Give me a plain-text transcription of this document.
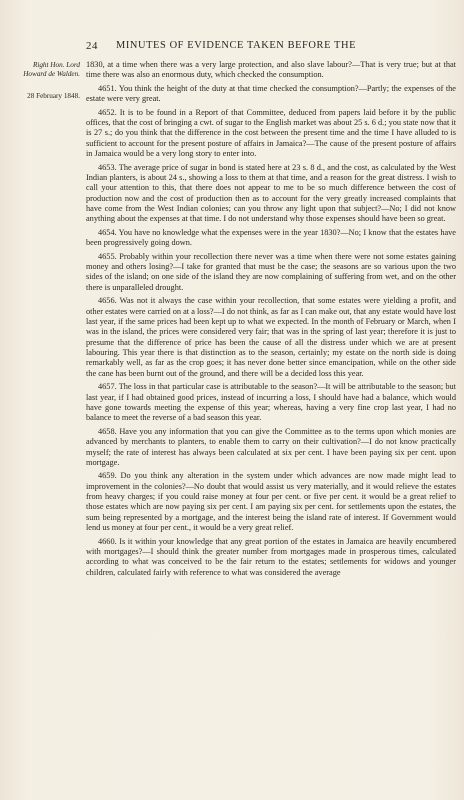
24 MINUTES OF EVIDENCE TAKEN BEFORE THE
Right Hon. Lord
Howard de Walden.
28 February 1848.

1830, at a time when there was a very large protection, and also slave labour?—That is very true; but at that time there was also an enormous duty, which checked the consumption.

4651. You think the height of the duty at that time checked the consumption?—Partly; the expenses of the estate were very great.

4652. It is to be found in a Report of that Committee, deduced from papers laid before it by the public offices, that the cost of bringing a cwt. of sugar to the English market was about 25 s. 6 d.; you state now that it is 27 s.; do you think that the difference in the cost between the present time and the time I have alluded to is sufficient to account for the present posture of affairs in Jamaica?—The cause of the present posture of affairs in Jamaica would be a very long story to enter into.

4653. The average price of sugar in bond is stated here at 23 s. 8 d., and the cost, as calculated by the West Indian planters, is about 24 s., showing a loss to them at that time, and a reason for the great distress. I wish to call your attention to this, that there does not appear to me to be so much difference between the cost of production now and the cost of production then as to account for the very greatly increased complaints that have come from the West Indian colonies; can you throw any light upon that subject?—No; I did not know anything about the expenses at that time. I do not understand why those expenses should have been so great.

4654. You have no knowledge what the expenses were in the year 1830?—No; I know that the estates have been progressively going down.

4655. Probably within your recollection there never was a time when there were not some estates gaining money and others losing?—I take for granted that must be the case; the seasons are so various upon the two sides of the island; on one side of the island they are now complaining of suffering from wet, and on the other there is unparalleled drought.

4656. Was not it always the case within your recollection, that some estates were yielding a profit, and other estates were carried on at a loss?—I do not think, as far as I can make out, that any estate would have lost last year, if the same prices had been kept up to what we expected. In the month of February or March, when I was in the island, the prices were considered very fair; that was in the spring of last year; therefore it is just to presume that the difference of price has been the cause of all the distress under which we are at present labouring. This year there is that distinction as to the season, certainly; my estate on the north side is doing remarkably well, as far as the crop goes; it has never done better since emancipation, while on the other side the cane has been burnt out of the ground, and there will be a decided loss this year.

4657. The loss in that particular case is attributable to the season?—It will be attributable to the season; but last year, if I had obtained good prices, instead of incurring a loss, I should have had a balance, which would have gone towards meeting the expense of this year; whereas, having a very fine crop last year, I had no balance to meet the reverse of a bad season this year.

4658. Have you any information that you can give the Committee as to the terms upon which monies are advanced by merchants to planters, to enable them to carry on their cultivation?—I do not know practically myself; the rate of interest has always been calculated at six per cent. I have been paying six per cent. upon mortgage.

4659. Do you think any alteration in the system under which advances are now made might lead to improvement in the colonies?—No doubt that would assist us very materially, and it would relieve the estates from heavy charges; if you could raise money at four per cent. or five per cent. it would be a great relief to those estates which are now paying six per cent. I am paying six per cent. for settlements upon the estates, the sum being represented by a mortgage, and the interest being the island rate of interest. If Government would lend us money at four per cent., it would be a very great relief.

4660. Is it within your knowledge that any great portion of the estates in Jamaica are heavily encumbered with mortgages?—I should think the greater number from mortgages made in prosperous times, calculated according to what was conceived to be the fair return to the estates; settlements for widows and younger children, calculated fairly with reference to what was considered the average
